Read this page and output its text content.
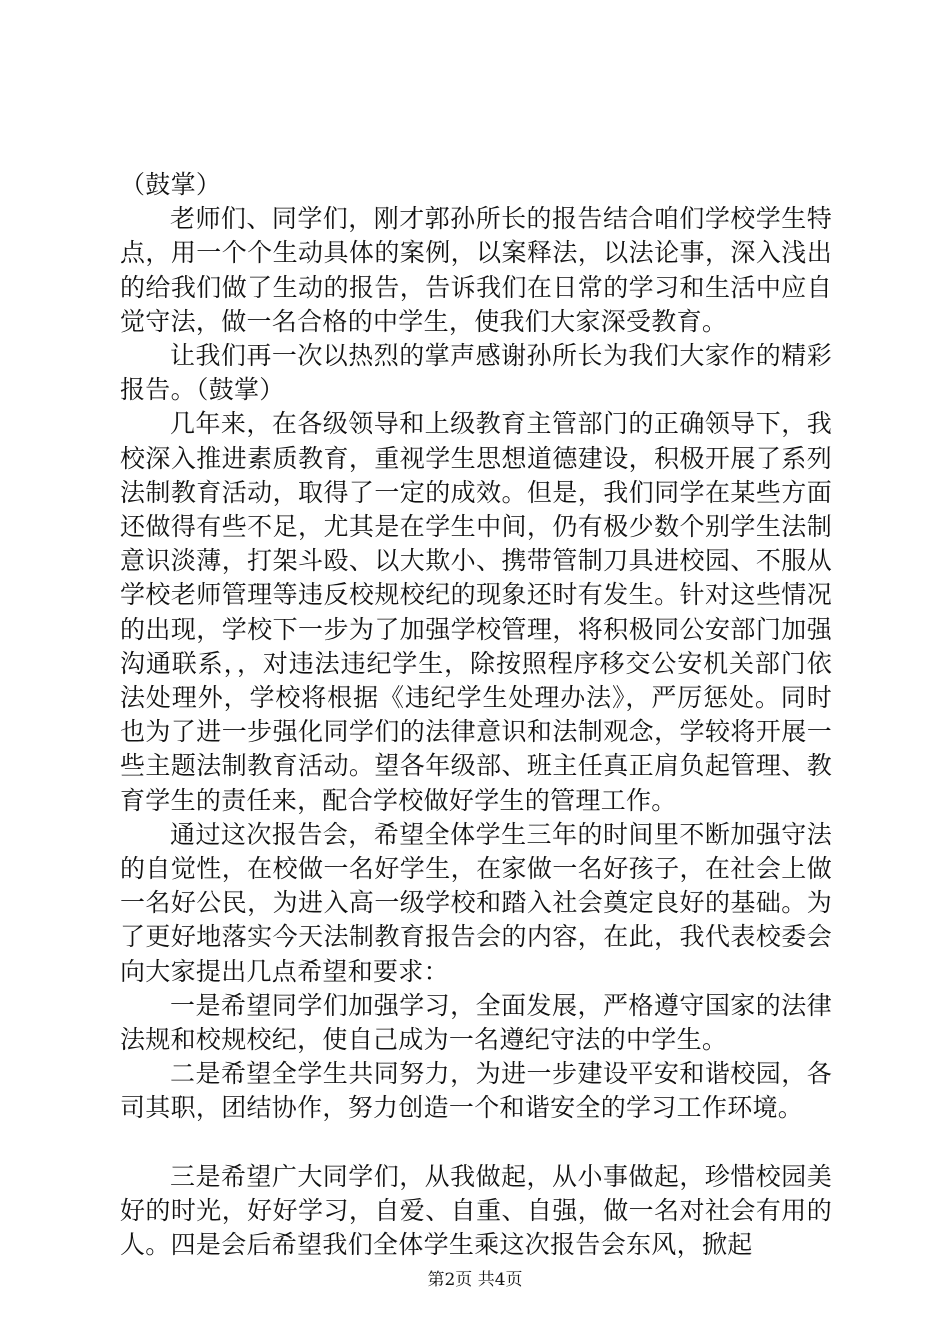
（鼓掌）

老师们、同学们，刚才郭孙所长的报告结合咱们学校学生特点，用一个个生动具体的案例，以案释法，以法论事，深入浅出的给我们做了生动的报告，告诉我们在日常的学习和生活中应自觉守法，做一名合格的中学生，使我们大家深受教育。

让我们再一次以热烈的掌声感谢孙所长为我们大家作的精彩报告。（鼓掌）

几年来，在各级领导和上级教育主管部门的正确领导下，我校深入推进素质教育，重视学生思想道德建设，积极开展了系列法制教育活动，取得了一定的成效。但是，我们同学在某些方面还做得有些不足，尤其是在学生中间，仍有极少数个别学生法制意识淡薄，打架斗殴、以大欺小、携带管制刀具进校园、不服从学校老师管理等违反校规校纪的现象还时有发生。针对这些情况的出现，学校下一步为了加强学校管理，将积极同公安部门加强沟通联系，，对违法违纪学生，除按照程序移交公安机关部门依法处理外，学校将根据《违纪学生处理办法》，严厉惩处。同时也为了进一步强化同学们的法律意识和法制观念，学较将开展一些主题法制教育活动。望各年级部、班主任真正肩负起管理、教育学生的责任来，配合学校做好学生的管理工作。

通过这次报告会，希望全体学生三年的时间里不断加强守法的自觉性，在校做一名好学生，在家做一名好孩子，在社会上做一名好公民，为进入高一级学校和踏入社会奠定良好的基础。为了更好地落实今天法制教育报告会的内容，在此，我代表校委会向大家提出几点希望和要求：

一是希望同学们加强学习，全面发展，严格遵守国家的法律法规和校规校纪，使自己成为一名遵纪守法的中学生。

二是希望全学生共同努力，为进一步建设平安和谐校园，各司其职，团结协作，努力创造一个和谐安全的学习工作环境。

三是希望广大同学们，从我做起，从小事做起，珍惜校园美好的时光，好好学习，自爱、自重、自强，做一名对社会有用的人。四是会后希望我们全体学生乘这次报告会东风，掀起

第2页 共4页
